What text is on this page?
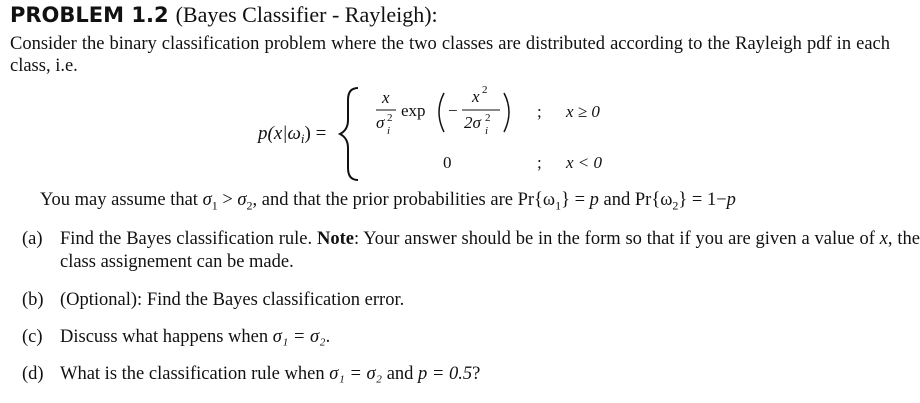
PROBLEM 1.2 (Bayes Classifier - Rayleigh):
Consider the binary classification problem where the two classes are distributed according to the Rayleigh pdf in each class, i.e.
$p(x|\omega_i)$ =
x
σ 2
i
exp −
x 2
2σ 2
i
; x ≥ 0
0	; x < 0
You may assume that $\sigma_1 > \sigma_2$, and that the prior probabilities are $Pr\{\omega_1\} = p$ and $Pr\{\omega_2\} = 1-p$
(a) Find the Bayes classification rule. Note: Your answer should be in the form so that if you are given a value of x, the class assignement can be made.
(b) (Optional): Find the Bayes classification error.
(c) Discuss what happens when σ₁ = σ₂.
(d) What is the classification rule when σ₁ = σ₂ and p = 0.5?
